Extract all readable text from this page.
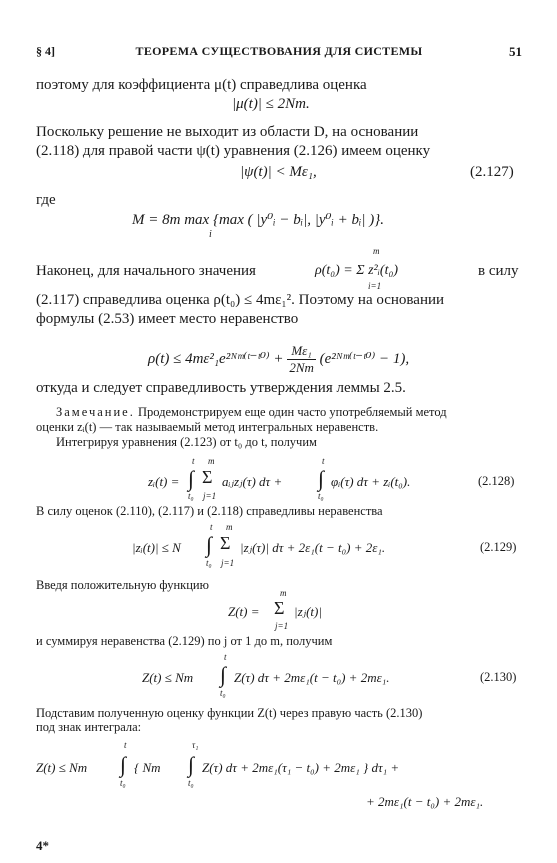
§ 4]	ТЕОРЕМА СУЩЕСТВОВАНИЯ ДЛЯ СИСТЕМЫ	51
поэтому для коэффициента μ(t) справедлива оценка
|μ(t)| ≤ 2Nm.
Поскольку решение не выходит из области D, на основании
(2.118) для правой части ψ(t) уравнения (2.126) имеем оценку
|ψ(t)| < Mε₁,	(2.127)
где
M = 8m max {max ( |y⁰ᵢ − bᵢ|, |y⁰ᵢ + bᵢ| )}.
i
Наконец, для начального значения
m
ρ(t₀) = Σ z²ᵢ(t₀)
i=1
в силу
(2.117) справедлива оценка ρ(t₀) ≤ 4mε₁². Поэтому на основании
формулы (2.53) имеет место неравенство
ρ(t) ≤ 4mε²₁e²ᴺᵐ⁽ᵗ⁻ᵗ⁰⁾ + $\frac{\text{Mε₁}}{2Nm}$ (e²ᴺᵐ⁽ᵗ⁻ᵗ⁰⁾ − 1),
откуда и следует справедливость утверждения леммы 2.5.
Замечание. Продемонстрируем еще один часто употребляемый метод
оценки zᵢ(t) — так называемый метод интегральных неравенств.
Интегрируя уравнения (2.123) от t₀ до t, получим
zᵢ(t) =
t
∫
t₀
m
Σ
j=1
aᵢⱼzⱼ(τ) dτ +
t
∫
t₀
φᵢ(τ) dτ + zᵢ(t₀).	(2.128)
В силу оценок (2.110), (2.117) и (2.118) справедливы неравенства
|zᵢ(t)| ≤ N
t
∫
t₀
m
Σ
j=1
|zⱼ(τ)| dτ + 2ε₁(t − t₀) + 2ε₁.	(2.129)
Введя положительную функцию
Z(t) =
m
Σ
j=1
|zⱼ(t)|
и суммируя неравенства (2.129) по j от 1 до m, получим
Z(t) ≤ Nm
t
∫
t₀
Z(τ) dτ + 2mε₁(t − t₀) + 2mε₁.	(2.130)
Подставим полученную оценку функции Z(t) через правую часть (2.130)
под знак интеграла:
Z(t) ≤ Nm
t
∫
t₀
{ Nm
τ₁
∫
t₀
Z(τ) dτ + 2mε₁(τ₁ − t₀) + 2mε₁ } dτ₁ +
+ 2mε₁(t − t₀) + 2mε₁.
4*
